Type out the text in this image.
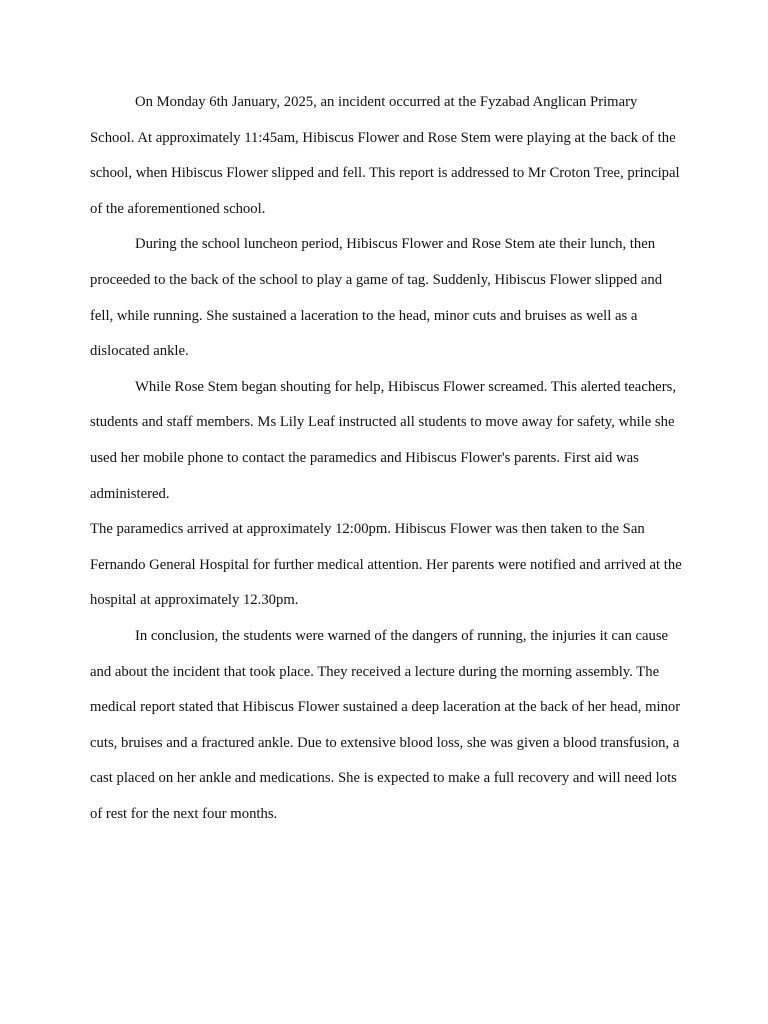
On Monday 6th January, 2025, an incident occurred at the Fyzabad Anglican Primary School. At approximately 11:45am, Hibiscus Flower and Rose Stem were playing at the back of the school, when Hibiscus Flower slipped and fell. This report is addressed to Mr Croton Tree, principal of the aforementioned school.

During the school luncheon period, Hibiscus Flower and Rose Stem ate their lunch, then proceeded to the back of the school to play a game of tag. Suddenly, Hibiscus Flower slipped and fell, while running. She sustained a laceration to the head, minor cuts and bruises as well as a dislocated ankle.

While Rose Stem began shouting for help, Hibiscus Flower screamed. This alerted teachers, students and staff members. Ms Lily Leaf instructed all students to move away for safety, while she used her mobile phone to contact the paramedics and Hibiscus Flower's parents. First aid was administered.

The paramedics arrived at approximately 12:00pm. Hibiscus Flower was then taken to the San Fernando General Hospital for further medical attention. Her parents were notified and arrived at the hospital at approximately 12.30pm.

In conclusion, the students were warned of the dangers of running, the injuries it can cause and about the incident that took place. They received a lecture during the morning assembly. The medical report stated that Hibiscus Flower sustained a deep laceration at the back of her head, minor cuts, bruises and a fractured ankle. Due to extensive blood loss, she was given a blood transfusion, a cast placed on her ankle and medications. She is expected to make a full recovery and will need lots of rest for the next four months.
